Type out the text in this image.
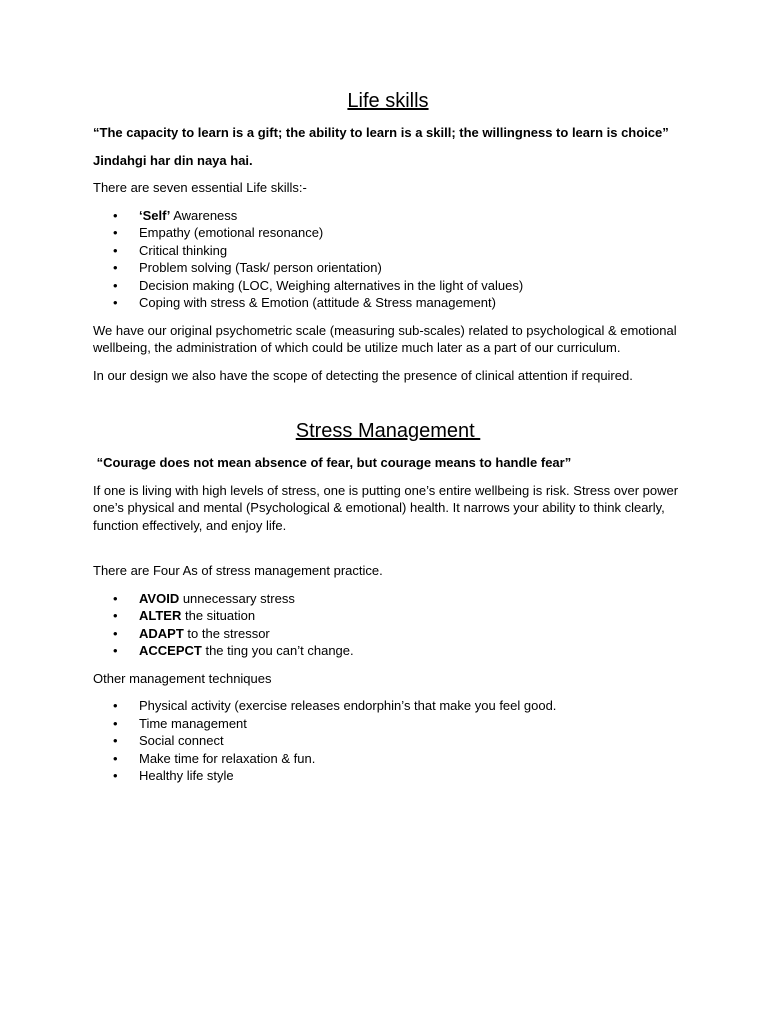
Life skills

“The capacity to learn is a gift; the ability to learn is a skill; the willingness to learn is choice”

Jindahgi har din naya hai.

There are seven essential Life skills:-

• ‘Self’ Awareness
• Empathy (emotional resonance)
• Critical thinking
• Problem solving (Task/ person orientation)
• Decision making (LOC, Weighing alternatives in the light of values)
• Coping with stress & Emotion (attitude & Stress management)

We have our original psychometric scale (measuring sub-scales) related to psychological & emotional wellbeing, the administration of which could be utilize much later as a part of our curriculum.

In our design we also have the scope of detecting the presence of clinical attention if required.

Stress Management

“Courage does not mean absence of fear, but courage means to handle fear”

If one is living with high levels of stress, one is putting one’s entire wellbeing is risk. Stress over power one’s physical and mental (Psychological & emotional) health. It narrows your ability to think clearly, function effectively, and enjoy life.

There are Four As of stress management practice.

• AVOID unnecessary stress
• ALTER the situation
• ADAPT to the stressor
• ACCEPCT the ting you can’t change.

Other management techniques

• Physical activity (exercise releases endorphin’s that make you feel good.
• Time management
• Social connect
• Make time for relaxation & fun.
• Healthy life style
